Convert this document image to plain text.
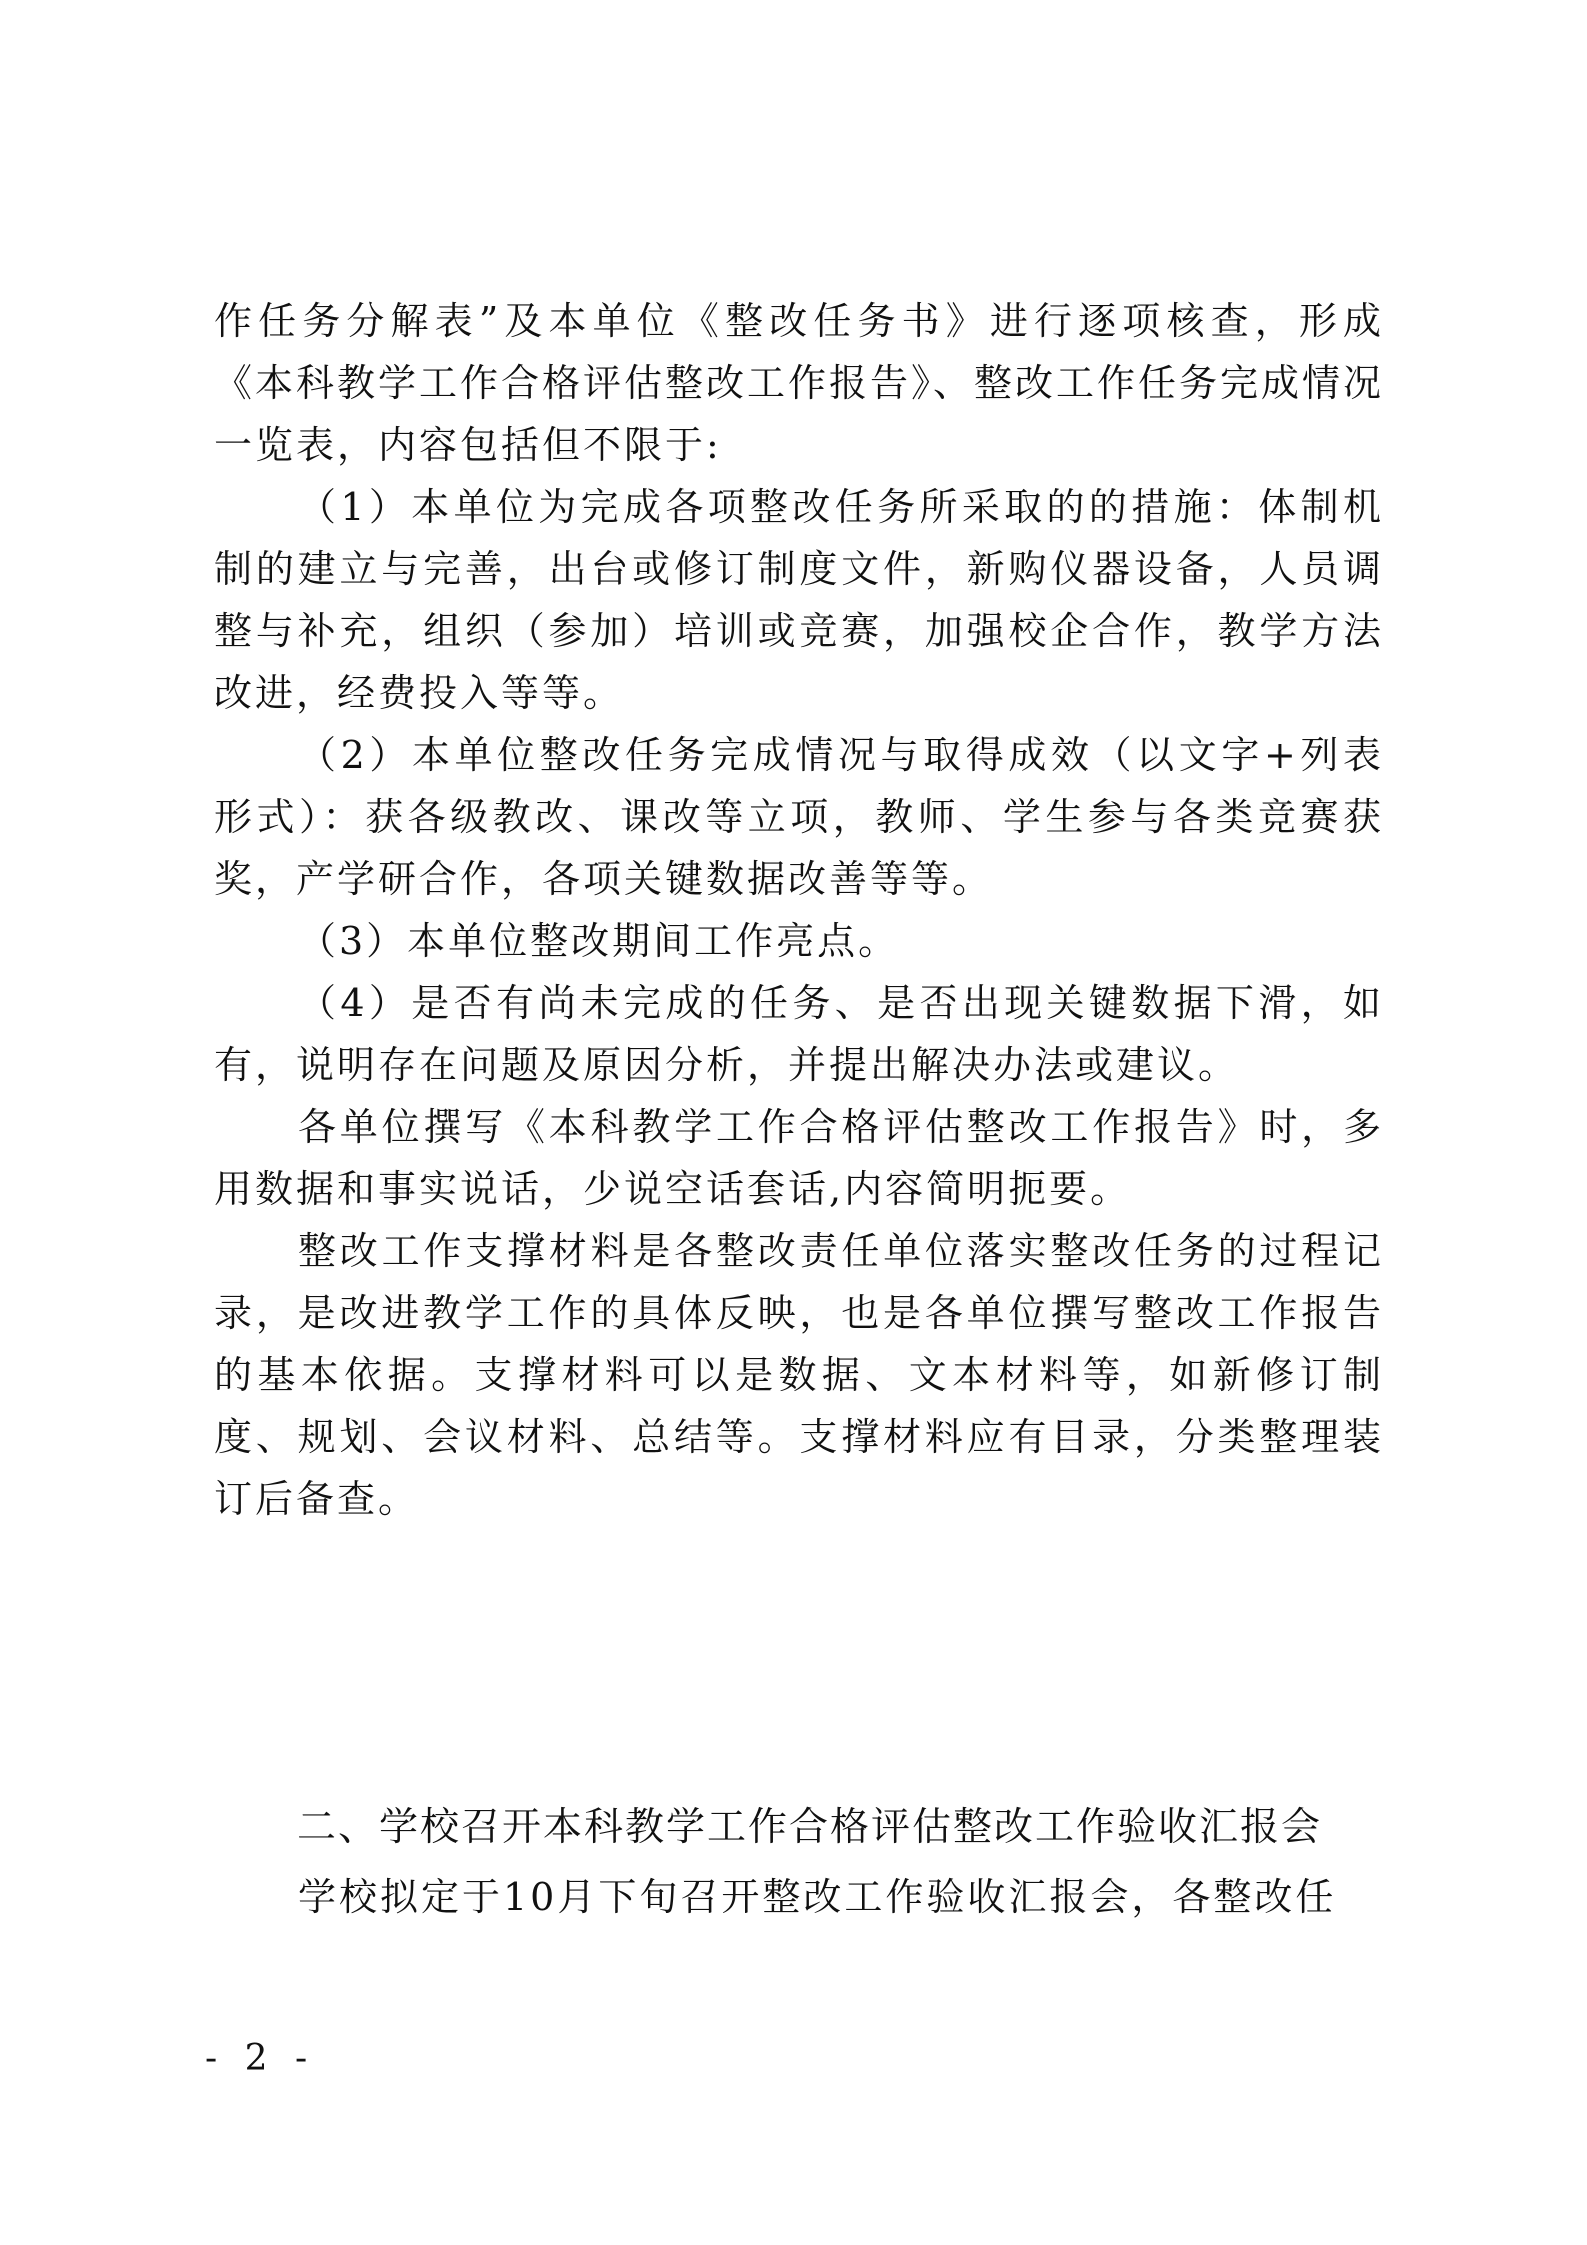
作任务分解表”及本单位《整改任务书》进行逐项核查，形成《本科教学工作合格评估整改工作报告》、整改工作任务完成情况一览表，内容包括但不限于:

（1）本单位为完成各项整改任务所采取的的措施：体制机制的建立与完善，出台或修订制度文件，新购仪器设备，人员调整与补充，组织（参加）培训或竞赛，加强校企合作，教学方法改进，经费投入等等。

（2）本单位整改任务完成情况与取得成效（以文字+列表形式）：获各级教改、课改等立项，教师、学生参与各类竞赛获奖，产学研合作，各项关键数据改善等等。

（3）本单位整改期间工作亮点。

（4）是否有尚未完成的任务、是否出现关键数据下滑，如有，说明存在问题及原因分析，并提出解决办法或建议。

各单位撰写《本科教学工作合格评估整改工作报告》时，多用数据和事实说话，少说空话套话,内容简明扼要。

整改工作支撑材料是各整改责任单位落实整改任务的过程记录，是改进教学工作的具体反映，也是各单位撰写整改工作报告的基本依据。支撑材料可以是数据、文本材料等，如新修订制度、规划、会议材料、总结等。支撑材料应有目录，分类整理装订后备查。

二、学校召开本科教学工作合格评估整改工作验收汇报会

学校拟定于10月下旬召开整改工作验收汇报会，各整改任

- 2 -
